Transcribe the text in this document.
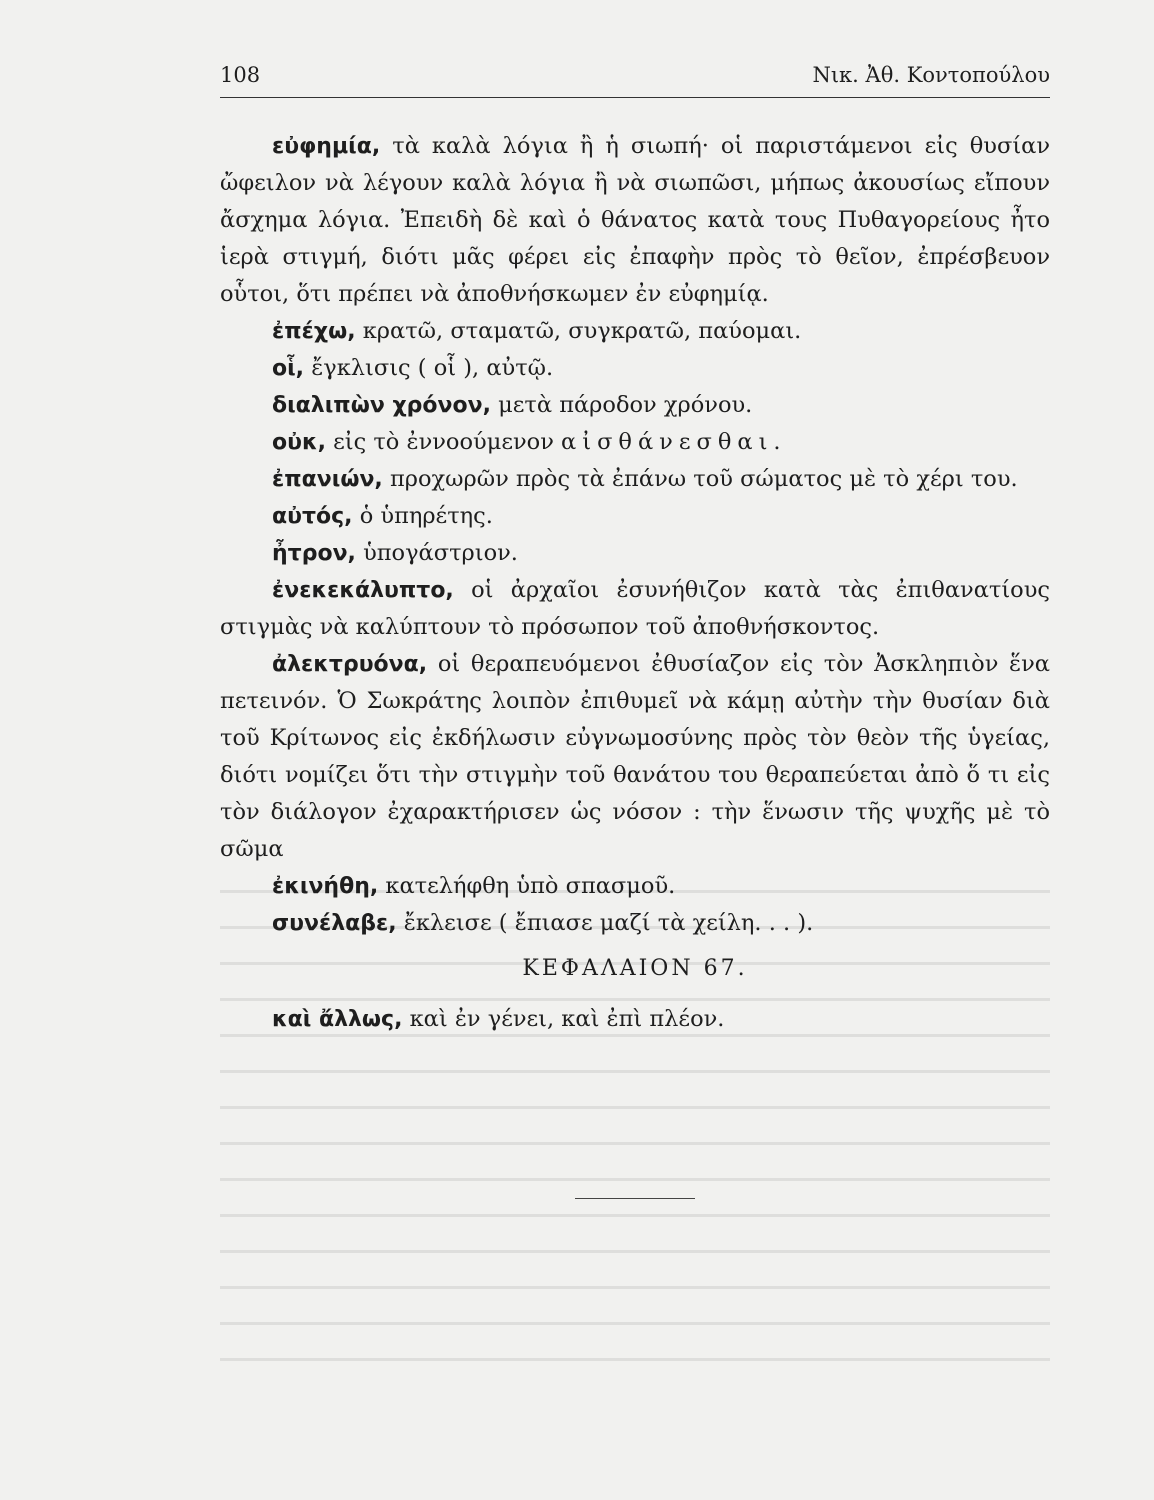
108	Νικ. Ἀθ. Κοντοπούλου

εὐφημία, τὰ καλὰ λόγια ἢ ἡ σιωπή· οἱ παριστάμενοι εἰς θυσίαν ὤφειλον νὰ λέγουν καλὰ λόγια ἢ νὰ σιωπῶσι, μήπως ἀκουσίως εἴπουν ἄσχημα λόγια. Ἐπειδὴ δὲ καὶ ὁ θάνατος κατὰ τους Πυθαγορείους ἦτο ἱερὰ στιγμή, διότι μᾶς φέρει εἰς ἐπαφὴν πρὸς τὸ θεῖον, ἐπρέσβευον οὗτοι, ὅτι πρέπει νὰ ἀποθνήσκωμεν ἐν εὐφημίᾳ.

ἐπέχω, κρατῶ, σταματῶ, συγκρατῶ, παύομαι.

οἷ, ἔγκλισις ( οἷ ), αὐτῷ.

διαλιπὼν χρόνον, μετὰ πάροδον χρόνου.

οὐκ, εἰς τὸ ἐννοούμενον αἰσθάνεσθαι.

ἐπανιών, προχωρῶν πρὸς τὰ ἐπάνω τοῦ σώματος μὲ τὸ χέρι του.

αὐτός, ὁ ὑπηρέτης.

ἦτρον, ὑπογάστριον.

ἐνεκεκάλυπτο, οἱ ἀρχαῖοι ἐσυνήθιζον κατὰ τὰς ἐπιθανατίους στιγμὰς νὰ καλύπτουν τὸ πρόσωπον τοῦ ἀποθνήσκοντος.

ἀλεκτρυόνα, οἱ θεραπευόμενοι ἐθυσίαζον εἰς τὸν Ἀσκληπιὸν ἕνα πετεινόν. Ὁ Σωκράτης λοιπὸν ἐπιθυμεῖ νὰ κάμῃ αὐτὴν τὴν θυσίαν διὰ τοῦ Κρίτωνος εἰς ἐκδήλωσιν εὐγνωμοσύνης πρὸς τὸν θεὸν τῆς ὑγείας, διότι νομίζει ὅτι τὴν στιγμὴν τοῦ θανάτου του θεραπεύεται ἀπὸ ὅ τι εἰς τὸν διάλογον ἐχαρακτήρισεν ὡς νόσον : τὴν ἕνωσιν τῆς ψυχῆς μὲ τὸ σῶμα

ἐκινήθη, κατελήφθη ὑπὸ σπασμοῦ.

συνέλαβε, ἔκλεισε ( ἔπιασε μαζί τὰ χείλη. . . ).

ΚΕΦΑΛΑΙΟΝ 67.

καὶ ἄλλως, καὶ ἐν γένει, καὶ ἐπὶ πλέον.
